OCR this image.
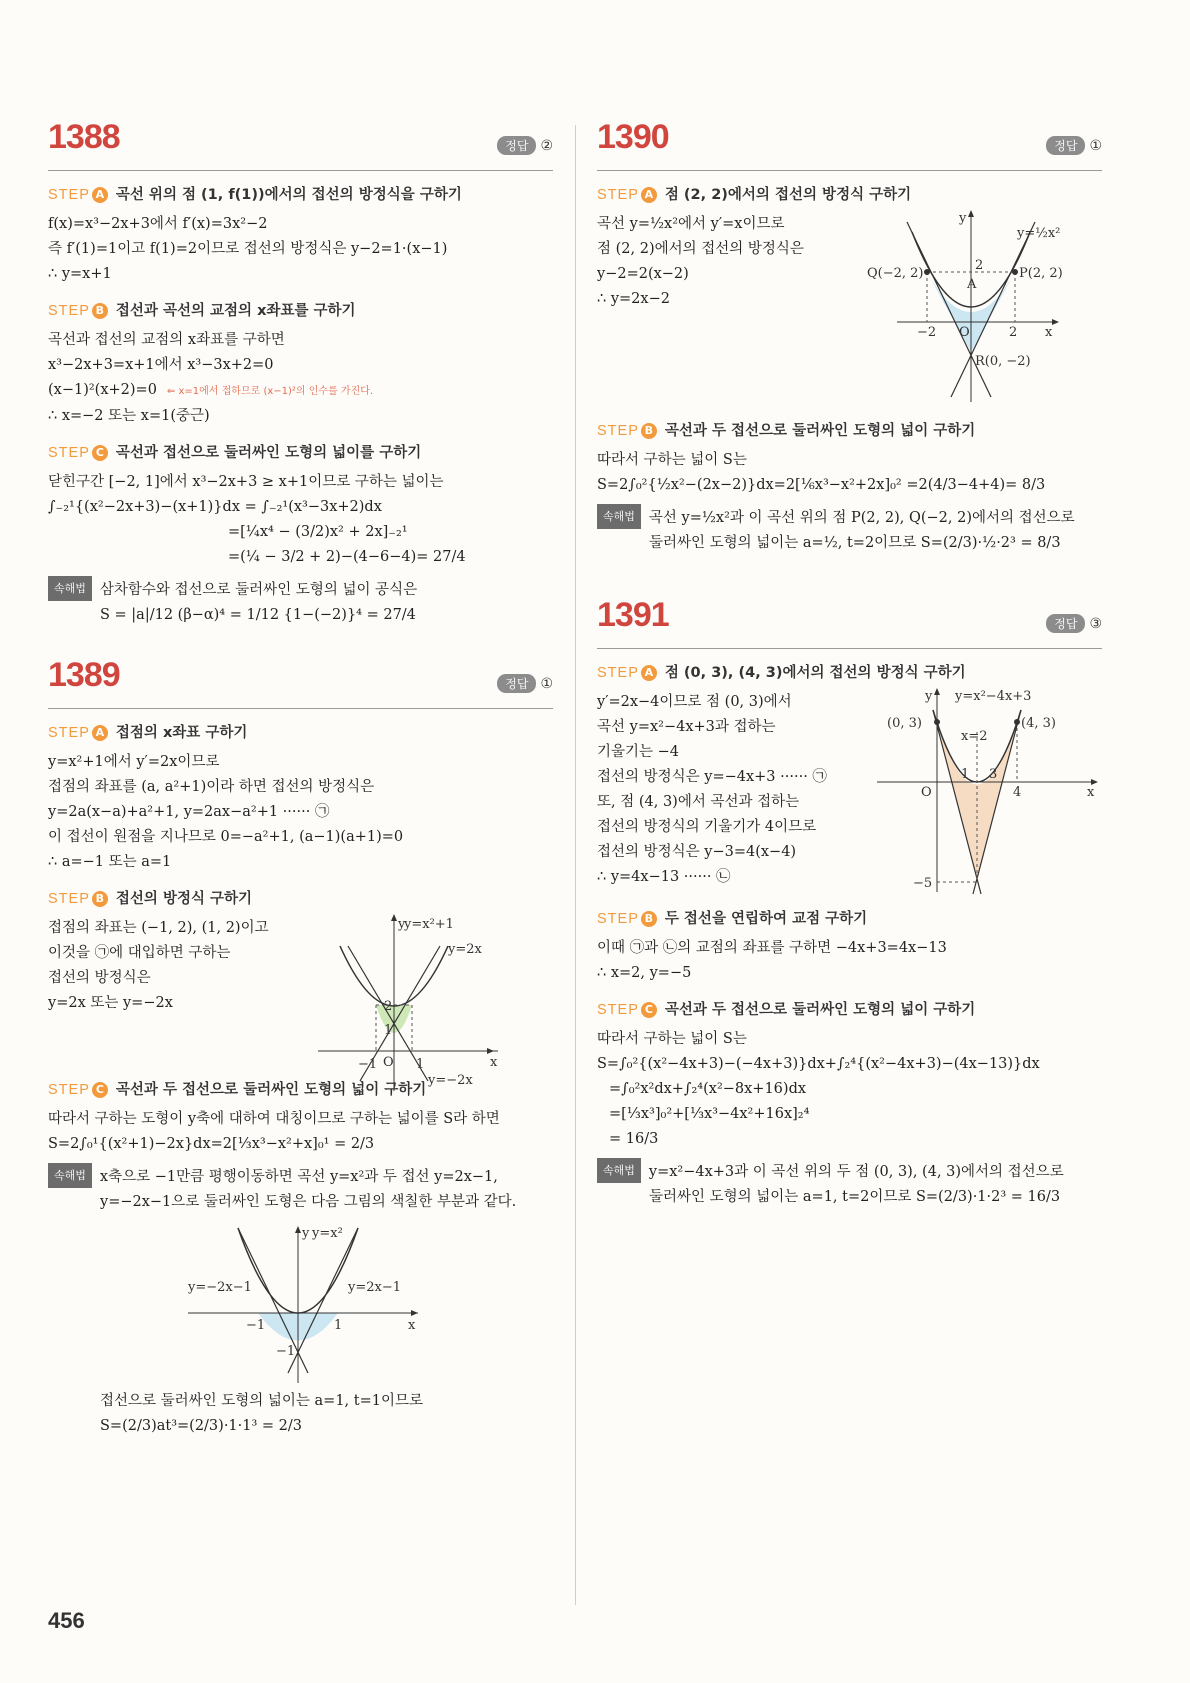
1388	정답 ②
STEP A 곡선 위의 점 (1, f(1))에서의 접선의 방정식을 구하기
f(x)=x³−2x+3에서 f′(x)=3x²−2
즉 f′(1)=1이고 f(1)=2이므로 접선의 방정식은 y−2=1·(x−1)
∴ y=x+1
STEP B 접선과 곡선의 교점의 x좌표를 구하기
곡선과 접선의 교점의 x좌표를 구하면
x³−2x+3=x+1에서 x³−3x+2=0
(x−1)²(x+2)=0 ⇐ x=1에서 접하므로 (x−1)²의 인수를 가진다.
∴ x=−2 또는 x=1(중근)
STEP C 곡선과 접선으로 둘러싸인 도형의 넓이를 구하기
닫힌구간 [−2, 1]에서 x³−2x+3 ≥ x+1이므로 구하는 넓이는
∫₋₂¹{(x²−2x+3)−(x+1)}dx = ∫₋₂¹(x³−3x+2)dx
=[¼x⁴ − (3/2)x² + 2x]₋₂¹
=(¼ − 3/2 + 2)−(4−6−4)= 27/4
속해법 삼차함수와 접선으로 둘러싸인 도형의 넓이 공식은
S = |a|/12 (β−α)⁴ = 1/12 {1−(−2)}⁴ = 27/4
1389	정답 ①
STEP A 접점의 x좌표 구하기
y=x²+1에서 y′=2x이므로
접점의 좌표를 (a, a²+1)이라 하면 접선의 방정식은
y=2a(x−a)+a²+1, y=2ax−a²+1 ······ ㉠
이 접선이 원점을 지나므로 0=−a²+1, (a−1)(a+1)=0
∴ a=−1 또는 a=1
STEP B 접선의 방정식 구하기
접점의 좌표는 (−1, 2), (1, 2)이고
이것을 ㉠에 대입하면 구하는
접선의 방정식은
y=2x 또는 y=−2x
y
x
O
y=x²+1
y=2x
y=−2x
2
1
−1	1
STEP C 곡선과 두 접선으로 둘러싸인 도형의 넓이 구하기
따라서 구하는 도형이 y축에 대하여 대칭이므로 구하는 넓이를 S라 하면
S=2∫₀¹{(x²+1)−2x}dx=2[⅓x³−x²+x]₀¹ = 2/3
속해법 x축으로 −1만큼 평행이동하면 곡선 y=x²과 두 접선 y=2x−1,
y=−2x−1으로 둘러싸인 도형은 다음 그림의 색칠한 부분과 같다.
y y=x²
x
y=−2x−1	y=2x−1
−1	1
−1
접선으로 둘러싸인 도형의 넓이는 a=1, t=1이므로
S=(2/3)at³=(2/3)·1·1³ = 2/3
1390	정답 ①
STEP A 점 (2, 2)에서의 접선의 방정식 구하기
곡선 y=½x²에서 y′=x이므로
점 (2, 2)에서의 접선의 방정식은
y−2=2(x−2)
∴ y=2x−2
y
y=½x²
Q(−2, 2)	P(2, 2)
A
2
−2 O	2 x
R(0, −2)
STEP B 곡선과 두 접선으로 둘러싸인 도형의 넓이 구하기
따라서 구하는 넓이 S는
S=2∫₀²{½x²−(2x−2)}dx=2[⅙x³−x²+2x]₀² =2(4/3−4+4)= 8/3
속해법 곡선 y=½x²과 이 곡선 위의 점 P(2, 2), Q(−2, 2)에서의 접선으로
둘러싸인 도형의 넓이는 a=½, t=2이므로 S=(2/3)·½·2³ = 8/3
1391	정답 ③
STEP A 점 (0, 3), (4, 3)에서의 접선의 방정식 구하기
y′=2x−4이므로 점 (0, 3)에서
곡선 y=x²−4x+3과 접하는
기울기는 −4
접선의 방정식은 y=−4x+3 ······ ㉠
또, 점 (4, 3)에서 곡선과 접하는
접선의 방정식의 기울기가 4이므로
접선의 방정식은 y−3=4(x−4)
∴ y=4x−13 ······ ㉡
y y=x²−4x+3
(0, 3)	(4, 3)
x=2
O
1 3
4	x
−5
STEP B 두 접선을 연립하여 교점 구하기
이때 ㉠과 ㉡의 교점의 좌표를 구하면 −4x+3=4x−13
∴ x=2, y=−5
STEP C 곡선과 두 접선으로 둘러싸인 도형의 넓이 구하기
따라서 구하는 넓이 S는
S=∫₀²{(x²−4x+3)−(−4x+3)}dx+∫₂⁴{(x²−4x+3)−(4x−13)}dx
=∫₀²x²dx+∫₂⁴(x²−8x+16)dx
=[⅓x³]₀²+[⅓x³−4x²+16x]₂⁴
= 16/3
속해법 y=x²−4x+3과 이 곡선 위의 두 점 (0, 3), (4, 3)에서의 접선으로
둘러싸인 도형의 넓이는 a=1, t=2이므로 S=(2/3)·1·2³ = 16/3
456
